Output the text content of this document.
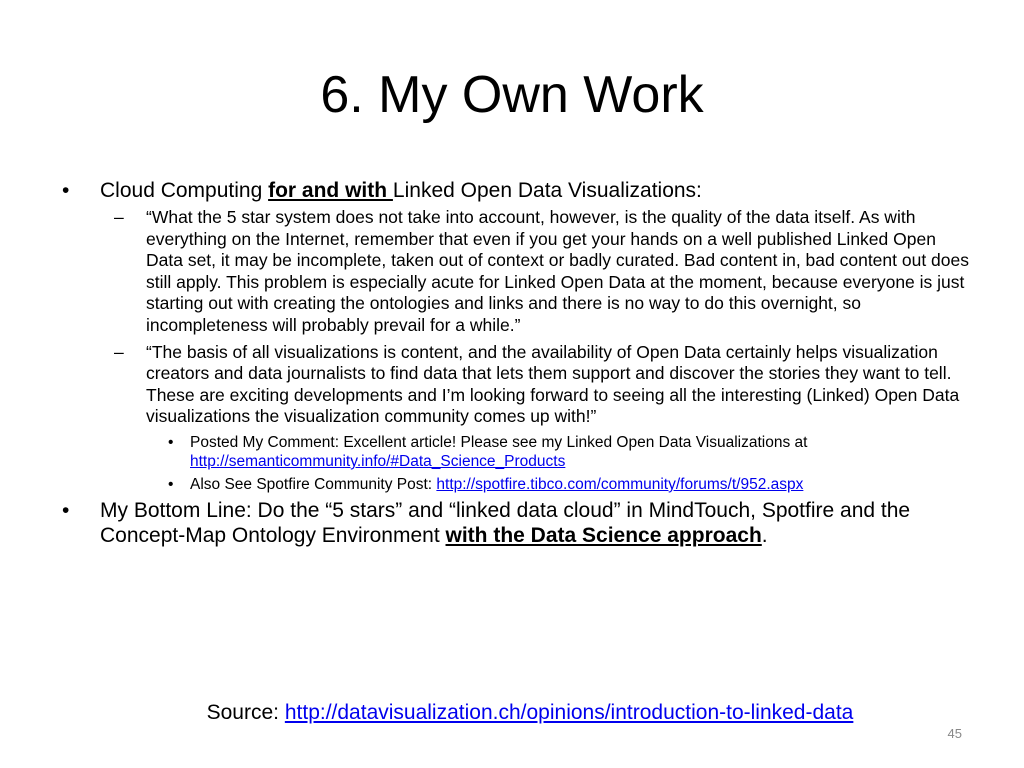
6. My Own Work
• Cloud Computing for and with Linked Open Data Visualizations:
– “What the 5 star system does not take into account, however, is the quality of the data itself. As with everything on the Internet, remember that even if you get your hands on a well published Linked Open Data set, it may be incomplete, taken out of context or badly curated. Bad content in, bad content out does still apply. This problem is especially acute for Linked Open Data at the moment, because everyone is just starting out with creating the ontologies and links and there is no way to do this overnight, so incompleteness will probably prevail for a while.”
– “The basis of all visualizations is content, and the availability of Open Data certainly helps visualization creators and data journalists to find data that lets them support and discover the stories they want to tell. These are exciting developments and I’m looking forward to seeing all the interesting (Linked) Open Data visualizations the visualization community comes up with!”
• Posted My Comment: Excellent article! Please see my Linked Open Data Visualizations at http://semanticommunity.info/#Data_Science_Products
• Also See Spotfire Community Post: http://spotfire.tibco.com/community/forums/t/952.aspx
• My Bottom Line: Do the “5 stars” and “linked data cloud” in MindTouch, Spotfire and the Concept-Map Ontology Environment with the Data Science approach.
Source: http://datavisualization.ch/opinions/introduction-to-linked-data
45
